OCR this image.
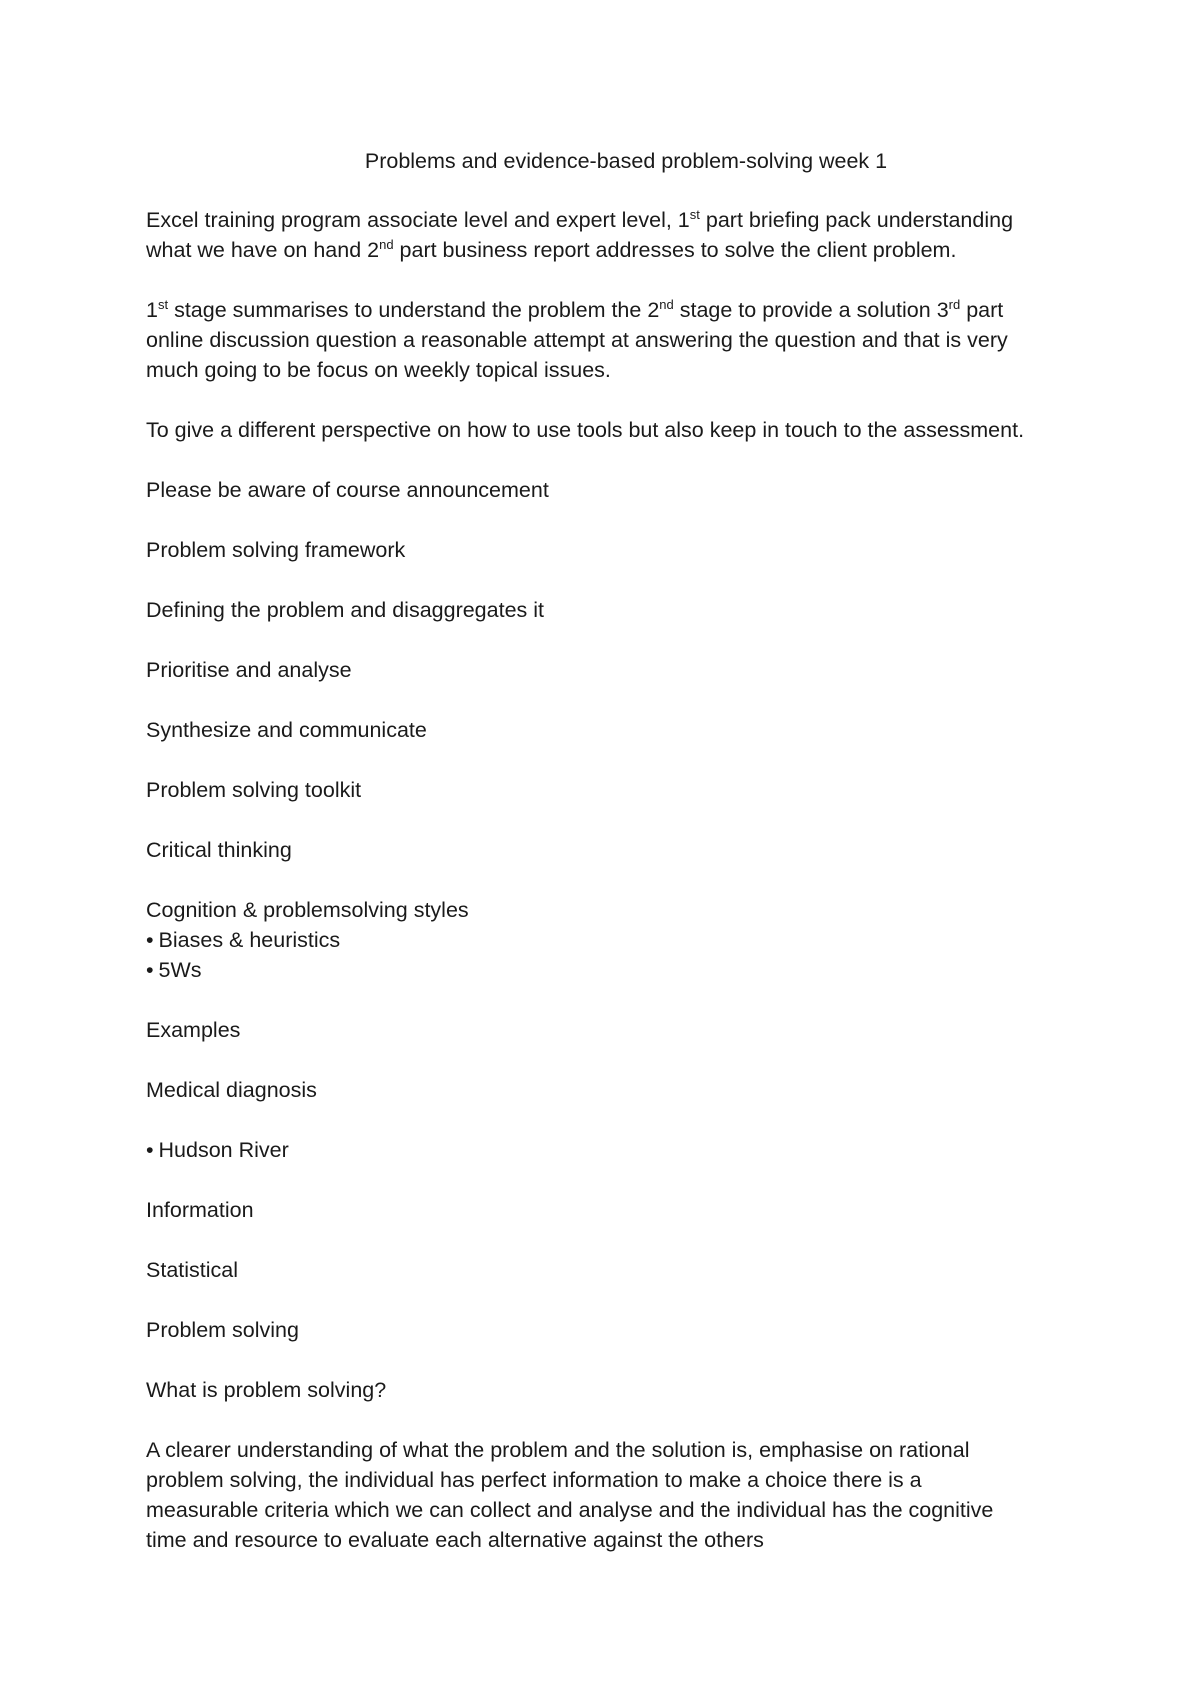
Problems and evidence-based problem-solving week 1
Excel training program associate level and expert level, 1st part briefing pack understanding
what we have on hand 2nd part business report addresses to solve the client problem.
1st stage summarises to understand the problem the 2nd stage to provide a solution 3rd part
online discussion question a reasonable attempt at answering the question and that is very
much going to be focus on weekly topical issues.
To give a different perspective on how to use tools but also keep in touch to the assessment.
Please be aware of course announcement
Problem solving framework
Defining the problem and disaggregates it
Prioritise and analyse
Synthesize and communicate
Problem solving toolkit
Critical thinking
Cognition & problemsolving styles
• Biases & heuristics
• 5Ws
Examples
Medical diagnosis
• Hudson River
Information
Statistical
Problem solving
What is problem solving?
A clearer understanding of what the problem and the solution is, emphasise on rational
problem solving, the individual has perfect information to make a choice there is a
measurable criteria which we can collect and analyse and the individual has the cognitive
time and resource to evaluate each alternative against the others
